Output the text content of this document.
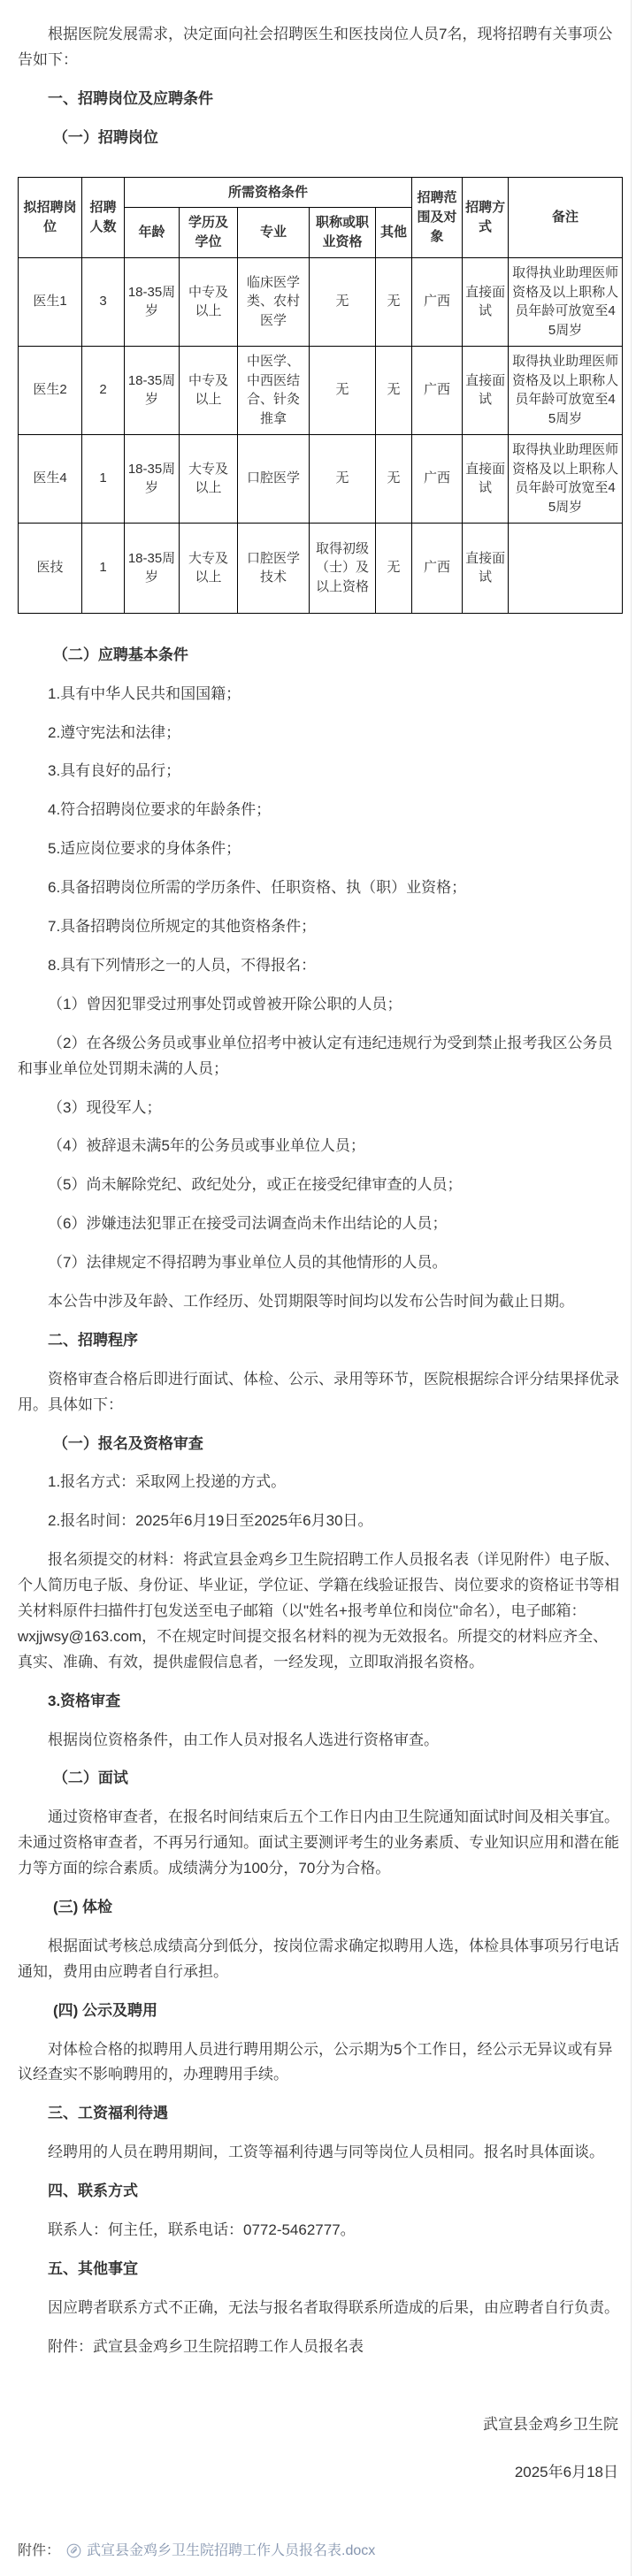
根据医院发展需求，决定面向社会招聘医生和医技岗位人员7名，现将招聘有关事项公告如下：
一、招聘岗位及应聘条件
（一）招聘岗位
拟招聘岗位	招聘人数	所需资格条件					招聘范围及对象	招聘方式	备注
		年龄	学历及学位	专业	职称或职业资格	其他			
医生1	3	18-35周岁	中专及以上	临床医学类、农村医学	无	无	广西	直接面试	取得执业助理医师资格及以上职称人员年龄可放宽至45周岁
医生2	2	18-35周岁	中专及以上	中医学、中西医结合、针灸推拿	无	无	广西	直接面试	取得执业助理医师资格及以上职称人员年龄可放宽至45周岁
医生4	1	18-35周岁	大专及以上	口腔医学	无	无	广西	直接面试	取得执业助理医师资格及以上职称人员年龄可放宽至45周岁
医技	1	18-35周岁	大专及以上	口腔医学技术	取得初级（士）及以上资格	无	广西	直接面试	
（二）应聘基本条件
1.具有中华人民共和国国籍；
2.遵守宪法和法律；
3.具有良好的品行；
4.符合招聘岗位要求的年龄条件；
5.适应岗位要求的身体条件；
6.具备招聘岗位所需的学历条件、任职资格、执（职）业资格；
7.具备招聘岗位所规定的其他资格条件；
8.具有下列情形之一的人员，不得报名：
（1）曾因犯罪受过刑事处罚或曾被开除公职的人员；
（2）在各级公务员或事业单位招考中被认定有违纪违规行为受到禁止报考我区公务员和事业单位处罚期未满的人员；
（3）现役军人；
（4）被辞退未满5年的公务员或事业单位人员；
（5）尚未解除党纪、政纪处分，或正在接受纪律审查的人员；
（6）涉嫌违法犯罪正在接受司法调查尚未作出结论的人员；
（7）法律规定不得招聘为事业单位人员的其他情形的人员。
本公告中涉及年龄、工作经历、处罚期限等时间均以发布公告时间为截止日期。
二、招聘程序
资格审查合格后即进行面试、体检、公示、录用等环节，医院根据综合评分结果择优录用。具体如下：
（一）报名及资格审查
1.报名方式：采取网上投递的方式。
2.报名时间：2025年6月19日至2025年6月30日。
报名须提交的材料：将武宣县金鸡乡卫生院招聘工作人员报名表（详见附件）电子版、个人简历电子版、身份证、毕业证，学位证、学籍在线验证报告、岗位要求的资格证书等相关材料原件扫描件打包发送至电子邮箱（以"姓名+报考单位和岗位"命名），电子邮箱：wxjjwsy@163.com，不在规定时间提交报名材料的视为无效报名。所提交的材料应齐全、真实、准确、有效，提供虚假信息者，一经发现，立即取消报名资格。
3.资格审查
根据岗位资格条件，由工作人员对报名人选进行资格审查。
（二）面试
通过资格审查者，在报名时间结束后五个工作日内由卫生院通知面试时间及相关事宜。未通过资格审查者，不再另行通知。面试主要测评考生的业务素质、专业知识应用和潜在能力等方面的综合素质。成绩满分为100分，70分为合格。
(三) 体检
根据面试考核总成绩高分到低分，按岗位需求确定拟聘用人选，体检具体事项另行电话通知，费用由应聘者自行承担。
(四) 公示及聘用
对体检合格的拟聘用人员进行聘用期公示，公示期为5个工作日，经公示无异议或有异议经查实不影响聘用的，办理聘用手续。
三、工资福利待遇
经聘用的人员在聘用期间，工资等福利待遇与同等岗位人员相同。报名时具体面谈。
四、联系方式
联系人：何主任，联系电话：0772-5462777。
五、其他事宜
因应聘者联系方式不正确，无法与报名者取得联系所造成的后果，由应聘者自行负责。
附件：武宣县金鸡乡卫生院招聘工作人员报名表
武宣县金鸡乡卫生院
2025年6月18日
附件： 武宣县金鸡乡卫生院招聘工作人员报名表.docx
